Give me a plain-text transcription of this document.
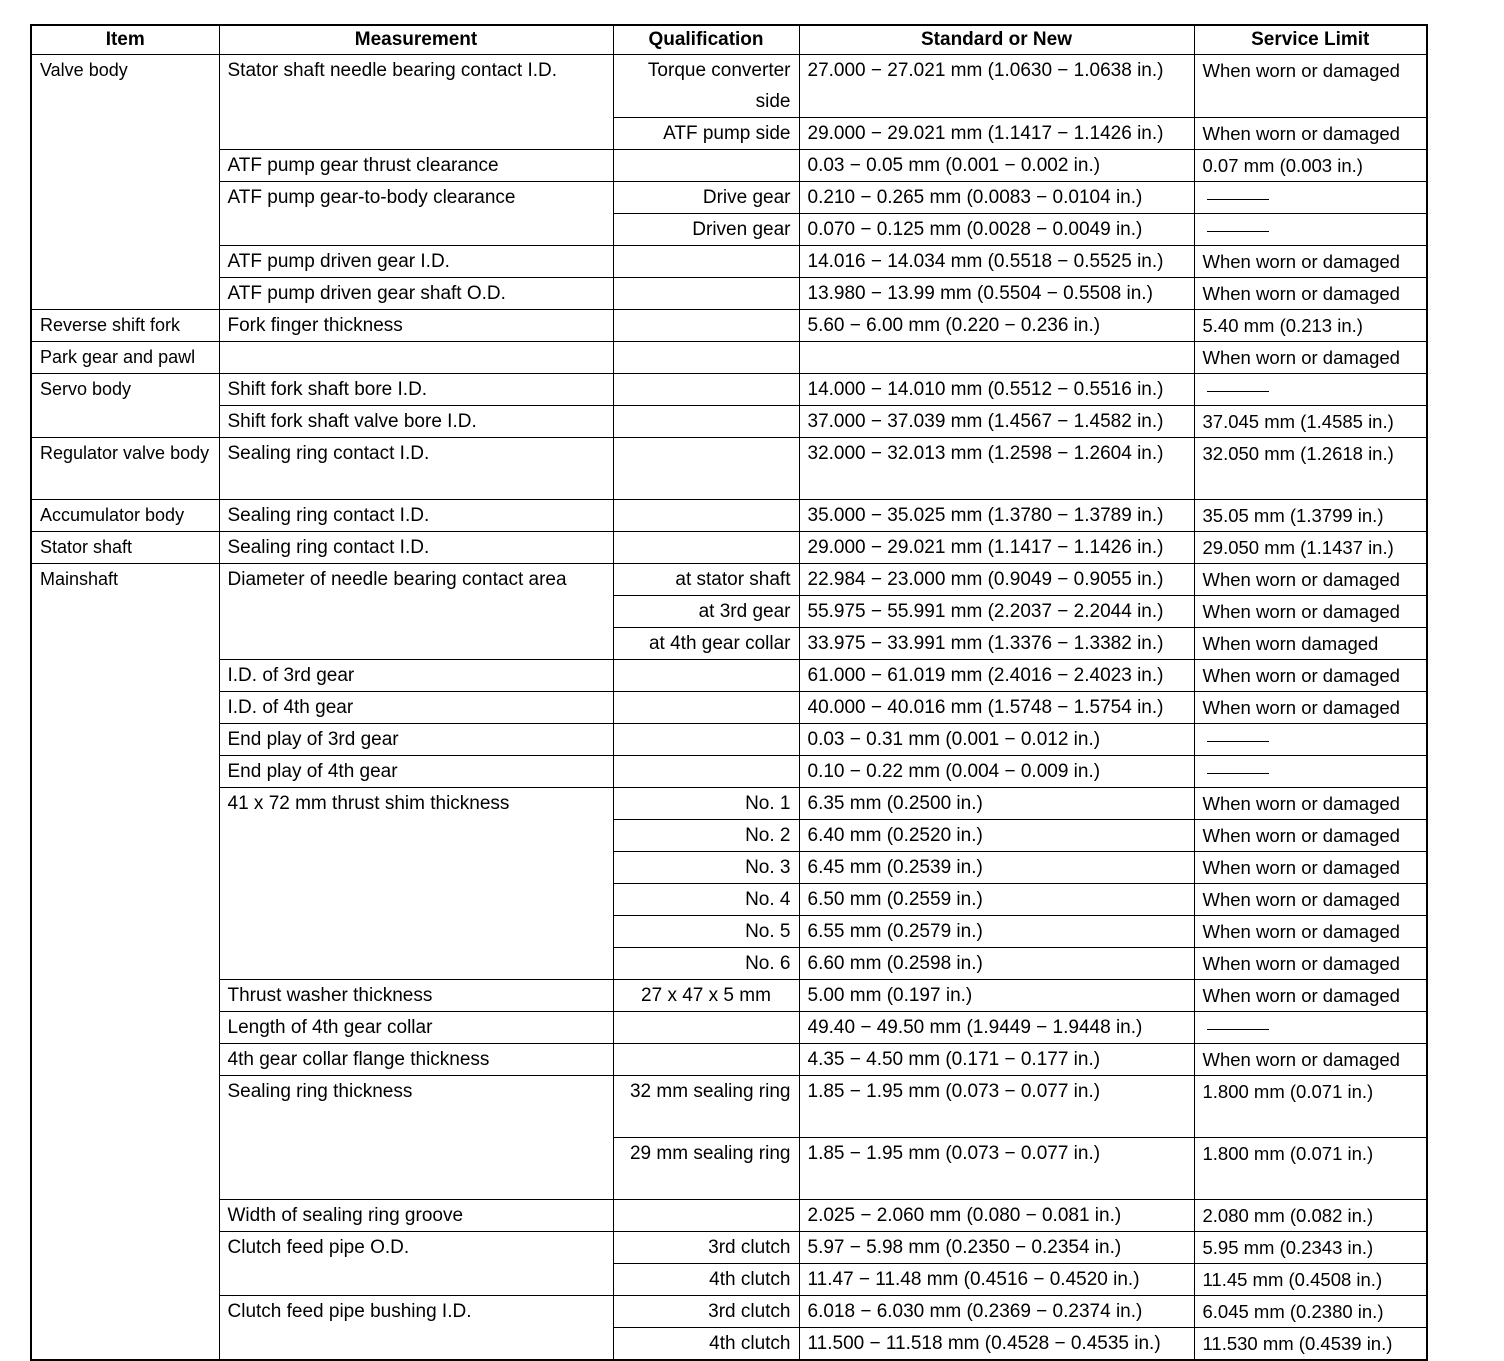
Item	Measurement	Qualification	Standard or New	Service Limit
Valve body	Stator shaft needle bearing contact I.D.	Torque converter side	27.000 − 27.021 mm (1.0630 − 1.0638 in.)	When worn or damaged
		ATF pump side	29.000 − 29.021 mm (1.1417 − 1.1426 in.)	When worn or damaged
	ATF pump gear thrust clearance		0.03 − 0.05 mm (0.001 − 0.002 in.)	0.07 mm (0.003 in.)
	ATF pump gear-to-body clearance	Drive gear	0.210 − 0.265 mm (0.0083 − 0.0104 in.)	
		Driven gear	0.070 − 0.125 mm (0.0028 − 0.0049 in.)	
	ATF pump driven gear I.D.		14.016 − 14.034 mm (0.5518 − 0.5525 in.)	When worn or damaged
	ATF pump driven gear shaft O.D.		13.980 − 13.99 mm (0.5504 − 0.5508 in.)	When worn or damaged
Reverse shift fork	Fork finger thickness		5.60 − 6.00 mm (0.220 − 0.236 in.)	5.40 mm (0.213 in.)
Park gear and pawl				When worn or damaged
Servo body	Shift fork shaft bore I.D.		14.000 − 14.010 mm (0.5512 − 0.5516 in.)	
	Shift fork shaft valve bore I.D.		37.000 − 37.039 mm (1.4567 − 1.4582 in.)	37.045 mm (1.4585 in.)
Regulator valve body	Sealing ring contact I.D.		32.000 − 32.013 mm (1.2598 − 1.2604 in.)	32.050 mm (1.2618 in.)
Accumulator body	Sealing ring contact I.D.		35.000 − 35.025 mm (1.3780 − 1.3789 in.)	35.05 mm (1.3799 in.)
Stator shaft	Sealing ring contact I.D.		29.000 − 29.021 mm (1.1417 − 1.1426 in.)	29.050 mm (1.1437 in.)
Mainshaft	Diameter of needle bearing contact area	at stator shaft	22.984 − 23.000 mm (0.9049 − 0.9055 in.)	When worn or damaged
		at 3rd gear	55.975 − 55.991 mm (2.2037 − 2.2044 in.)	When worn or damaged
		at 4th gear collar	33.975 − 33.991 mm (1.3376 − 1.3382 in.)	When worn damaged
	I.D. of 3rd gear		61.000 − 61.019 mm (2.4016 − 2.4023 in.)	When worn or damaged
	I.D. of 4th gear		40.000 − 40.016 mm (1.5748 − 1.5754 in.)	When worn or damaged
	End play of 3rd gear		0.03 − 0.31 mm (0.001 − 0.012 in.)	
	End play of 4th gear		0.10 − 0.22 mm (0.004 − 0.009 in.)	
	41 x 72 mm thrust shim thickness	No. 1	6.35 mm (0.2500 in.)	When worn or damaged
		No. 2	6.40 mm (0.2520 in.)	When worn or damaged
		No. 3	6.45 mm (0.2539 in.)	When worn or damaged
		No. 4	6.50 mm (0.2559 in.)	When worn or damaged
		No. 5	6.55 mm (0.2579 in.)	When worn or damaged
		No. 6	6.60 mm (0.2598 in.)	When worn or damaged
	Thrust washer thickness	27 x 47 x 5 mm	5.00 mm (0.197 in.)	When worn or damaged
	Length of 4th gear collar		49.40 − 49.50 mm (1.9449 − 1.9448 in.)	
	4th gear collar flange thickness		4.35 − 4.50 mm (0.171 − 0.177 in.)	When worn or damaged
	Sealing ring thickness	32 mm sealing ring	1.85 − 1.95 mm (0.073 − 0.077 in.)	1.800 mm (0.071 in.)
		29 mm sealing ring	1.85 − 1.95 mm (0.073 − 0.077 in.)	1.800 mm (0.071 in.)
	Width of sealing ring groove		2.025 − 2.060 mm (0.080 − 0.081 in.)	2.080 mm (0.082 in.)
	Clutch feed pipe O.D.	3rd clutch	5.97 − 5.98 mm (0.2350 − 0.2354 in.)	5.95 mm (0.2343 in.)
		4th clutch	11.47 − 11.48 mm (0.4516 − 0.4520 in.)	11.45 mm (0.4508 in.)
	Clutch feed pipe bushing I.D.	3rd clutch	6.018 − 6.030 mm (0.2369 − 0.2374 in.)	6.045 mm (0.2380 in.)
		4th clutch	11.500 − 11.518 mm (0.4528 − 0.4535 in.)	11.530 mm (0.4539 in.)
